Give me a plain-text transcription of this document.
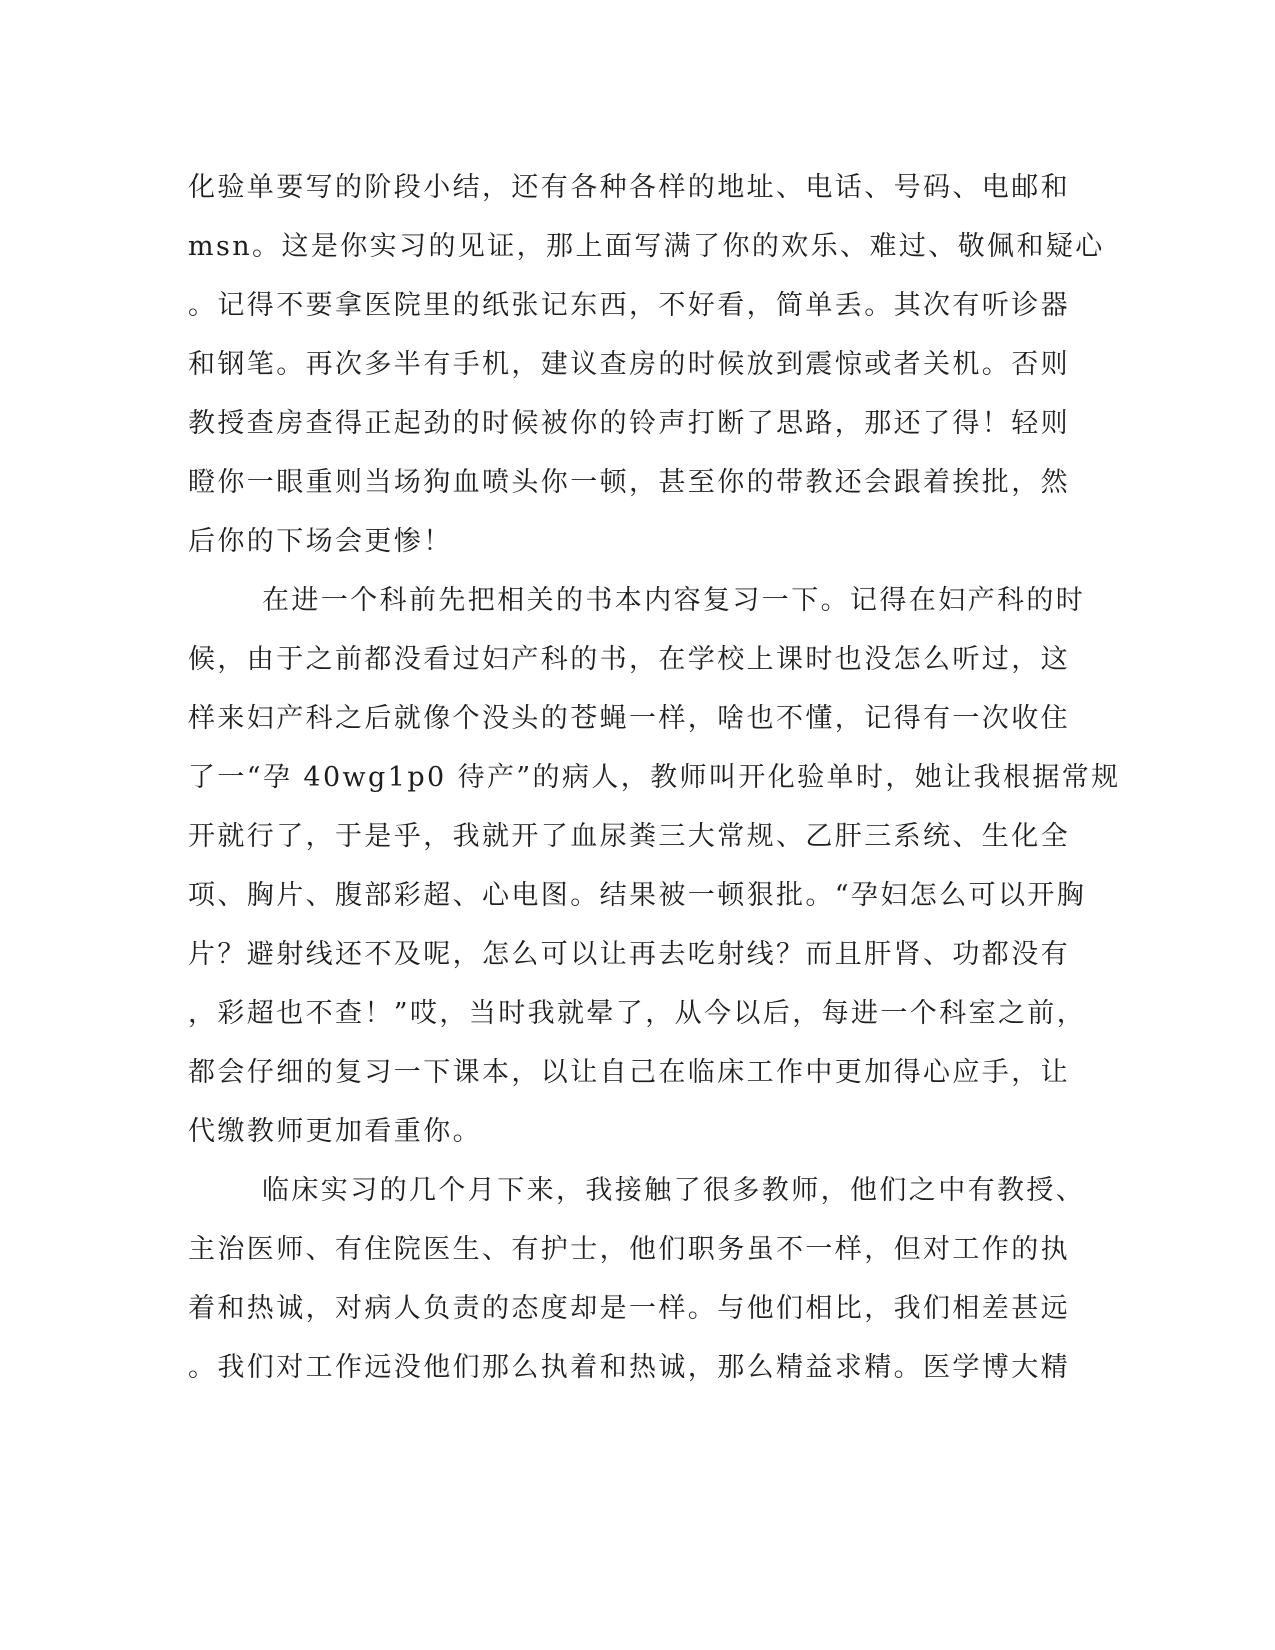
化验单要写的阶段小结，还有各种各样的地址、电话、号码、电邮和
msn。这是你实习的见证，那上面写满了你的欢乐、难过、敬佩和疑心
。记得不要拿医院里的纸张记东西，不好看，简单丢。其次有听诊器
和钢笔。再次多半有手机，建议查房的时候放到震惊或者关机。否则
教授查房查得正起劲的时候被你的铃声打断了思路，那还了得！轻则
瞪你一眼重则当场狗血喷头你一顿，甚至你的带教还会跟着挨批，然
后你的下场会更惨！
在进一个科前先把相关的书本内容复习一下。记得在妇产科的时
候，由于之前都没看过妇产科的书，在学校上课时也没怎么听过，这
样来妇产科之后就像个没头的苍蝇一样，啥也不懂，记得有一次收住
了一“孕 40wg1p0 待产”的病人，教师叫开化验单时，她让我根据常规
开就行了，于是乎，我就开了血尿粪三大常规、乙肝三系统、生化全
项、胸片、腹部彩超、心电图。结果被一顿狠批。“孕妇怎么可以开胸
片？避射线还不及呢，怎么可以让再去吃射线？而且肝肾、功都没有
，彩超也不查！”哎，当时我就晕了，从今以后，每进一个科室之前，
都会仔细的复习一下课本，以让自己在临床工作中更加得心应手，让
代缴教师更加看重你。
临床实习的几个月下来，我接触了很多教师，他们之中有教授、
主治医师、有住院医生、有护士，他们职务虽不一样，但对工作的执
着和热诚，对病人负责的态度却是一样。与他们相比，我们相差甚远
。我们对工作远没他们那么执着和热诚，那么精益求精。医学博大精
